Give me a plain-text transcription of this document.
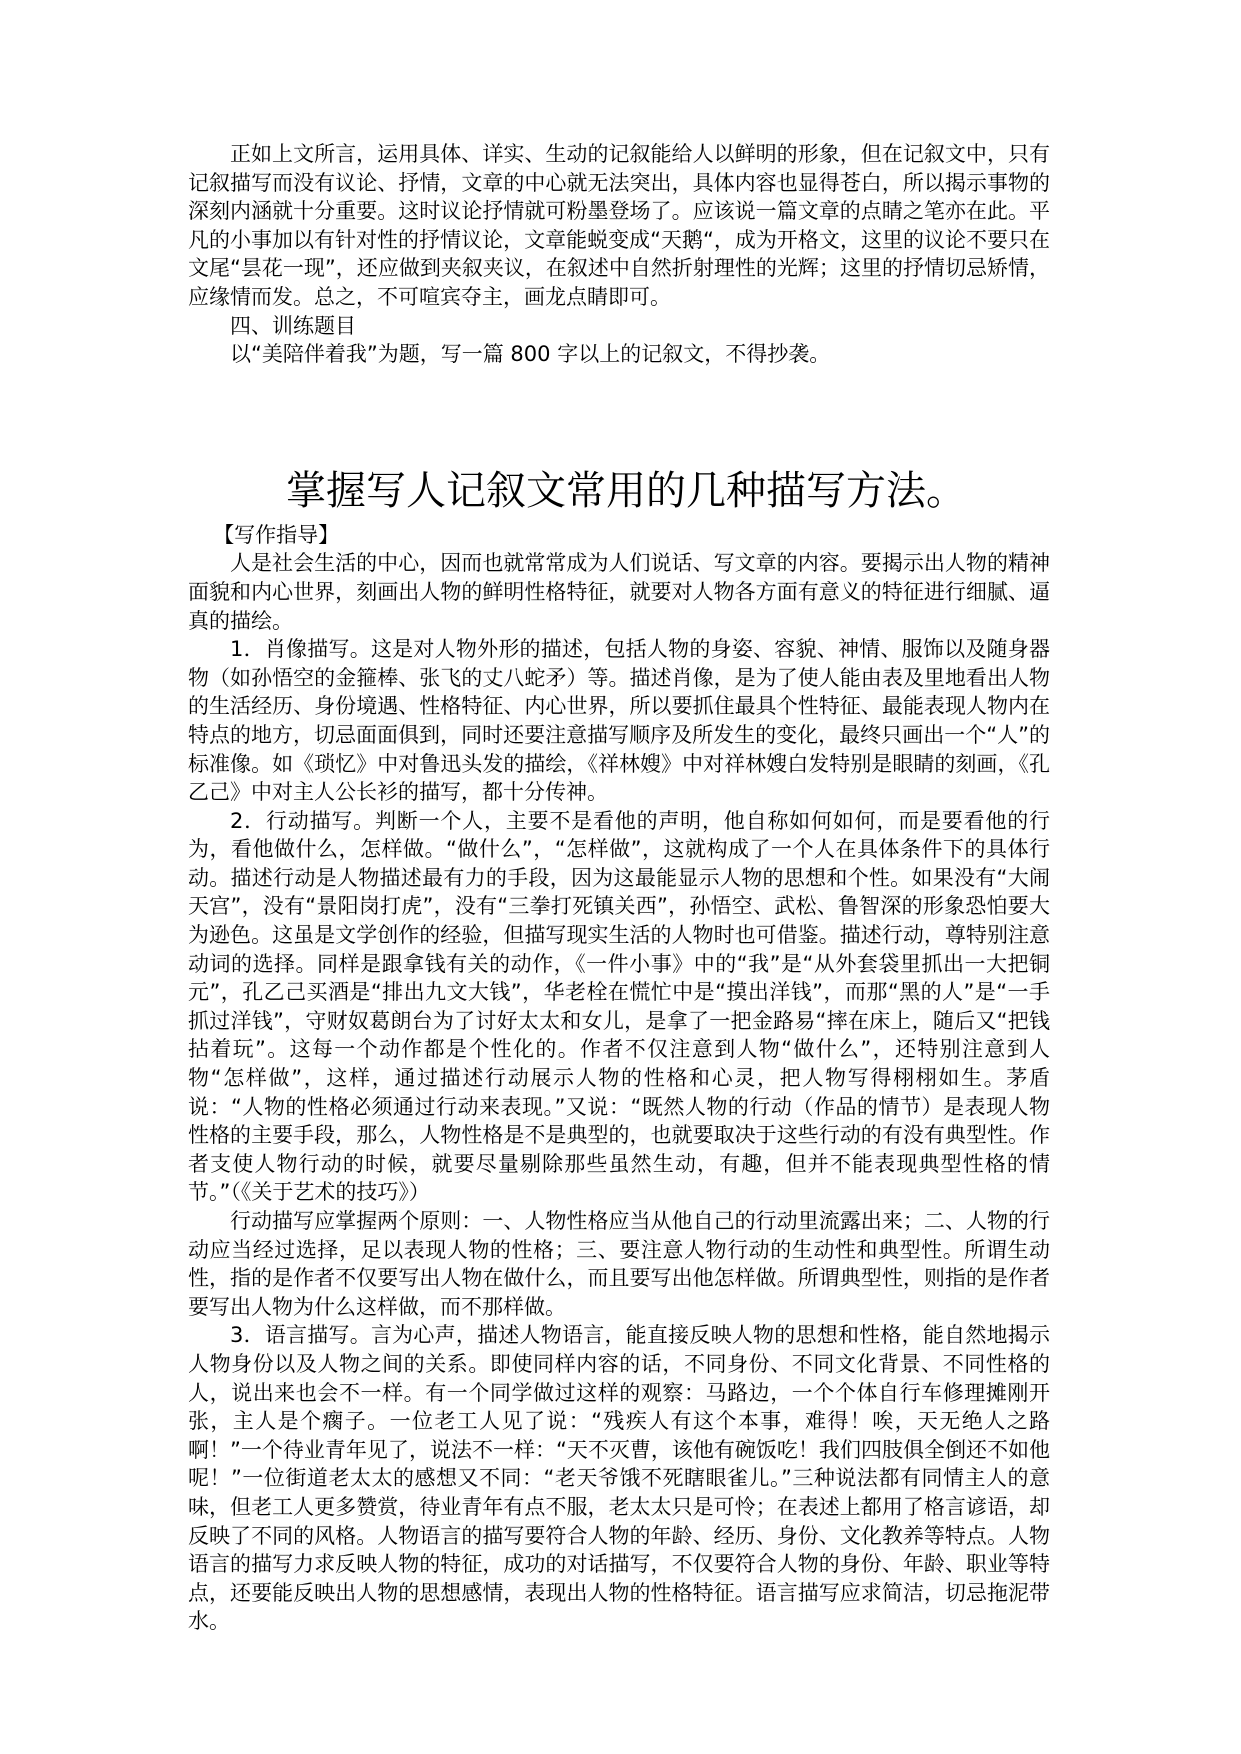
正如上文所言，运用具体、详实、生动的记叙能给人以鲜明的形象，但在记叙文中，只有记叙描写而没有议论、抒情，文章的中心就无法突出，具体内容也显得苍白，所以揭示事物的深刻内涵就十分重要。这时议论抒情就可粉墨登场了。应该说一篇文章的点睛之笔亦在此。平凡的小事加以有针对性的抒情议论，文章能蜕变成“天鹅“，成为开格文，这里的议论不要只在文尾“昙花一现”，还应做到夹叙夹议，在叙述中自然折射理性的光辉；这里的抒情切忌矫情，应缘情而发。总之，不可喧宾夺主，画龙点睛即可。

四、训练题目

以“美陪伴着我”为题，写一篇 800 字以上的记叙文，不得抄袭。

掌握写人记叙文常用的几种描写方法。

【写作指导】

人是社会生活的中心，因而也就常常成为人们说话、写文章的内容。要揭示出人物的精神面貌和内心世界，刻画出人物的鲜明性格特征，就要对人物各方面有意义的特征进行细腻、逼真的描绘。

1．肖像描写。这是对人物外形的描述，包括人物的身姿、容貌、神情、服饰以及随身器物（如孙悟空的金箍棒、张飞的丈八蛇矛）等。描述肖像，是为了使人能由表及里地看出人物的生活经历、身份境遇、性格特征、内心世界，所以要抓住最具个性特征、最能表现人物内在特点的地方，切忌面面俱到，同时还要注意描写顺序及所发生的变化，最终只画出一个“人”的标准像。如《琐忆》中对鲁迅头发的描绘，《祥林嫂》中对祥林嫂白发特别是眼睛的刻画，《孔乙己》中对主人公长衫的描写，都十分传神。

2．行动描写。判断一个人，主要不是看他的声明，他自称如何如何，而是要看他的行为，看他做什么，怎样做。“做什么”，“怎样做”，这就构成了一个人在具体条件下的具体行动。描述行动是人物描述最有力的手段，因为这最能显示人物的思想和个性。如果没有“大闹天宫”，没有“景阳岗打虎”，没有“三拳打死镇关西”，孙悟空、武松、鲁智深的形象恐怕要大为逊色。这虽是文学创作的经验，但描写现实生活的人物时也可借鉴。描述行动，尊特别注意动词的选择。同样是跟拿钱有关的动作，《一件小事》中的“我”是“从外套袋里抓出一大把铜元”，孔乙己买酒是“排出九文大钱”，华老栓在慌忙中是“摸出洋钱”，而那“黑的人”是“一手抓过洋钱”，守财奴葛朗台为了讨好太太和女儿，是拿了一把金路易“摔在床上，随后又“把钱拈着玩”。这每一个动作都是个性化的。作者不仅注意到人物“做什么”，还特别注意到人物“怎样做”，这样，通过描述行动展示人物的性格和心灵，把人物写得栩栩如生。茅盾说：“人物的性格必须通过行动来表现。”又说：“既然人物的行动（作品的情节）是表现人物性格的主要手段，那么，人物性格是不是典型的，也就要取决于这些行动的有没有典型性。作者支使人物行动的时候，就要尽量剔除那些虽然生动，有趣，但并不能表现典型性格的情节。”（《关于艺术的技巧》）

行动描写应掌握两个原则：一、人物性格应当从他自己的行动里流露出来；二、人物的行动应当经过选择，足以表现人物的性格；三、要注意人物行动的生动性和典型性。所谓生动性，指的是作者不仅要写出人物在做什么，而且要写出他怎样做。所谓典型性，则指的是作者要写出人物为什么这样做，而不那样做。

3．语言描写。言为心声，描述人物语言，能直接反映人物的思想和性格，能自然地揭示人物身份以及人物之间的关系。即使同样内容的话，不同身份、不同文化背景、不同性格的人，说出来也会不一样。有一个同学做过这样的观察：马路边，一个个体自行车修理摊刚开张，主人是个瘸子。一位老工人见了说：“残疾人有这个本事，难得！唉，天无绝人之路啊！”一个待业青年见了，说法不一样：“天不灭曹，该他有碗饭吃！我们四肢俱全倒还不如他呢！”一位街道老太太的感想又不同：“老天爷饿不死瞎眼雀儿。”三种说法都有同情主人的意味，但老工人更多赞赏，待业青年有点不服，老太太只是可怜；在表述上都用了格言谚语，却反映了不同的风格。人物语言的描写要符合人物的年龄、经历、身份、文化教养等特点。人物语言的描写力求反映人物的特征，成功的对话描写，不仅要符合人物的身份、年龄、职业等特点，还要能反映出人物的思想感情，表现出人物的性格特征。语言描写应求简洁，切忌拖泥带水。
